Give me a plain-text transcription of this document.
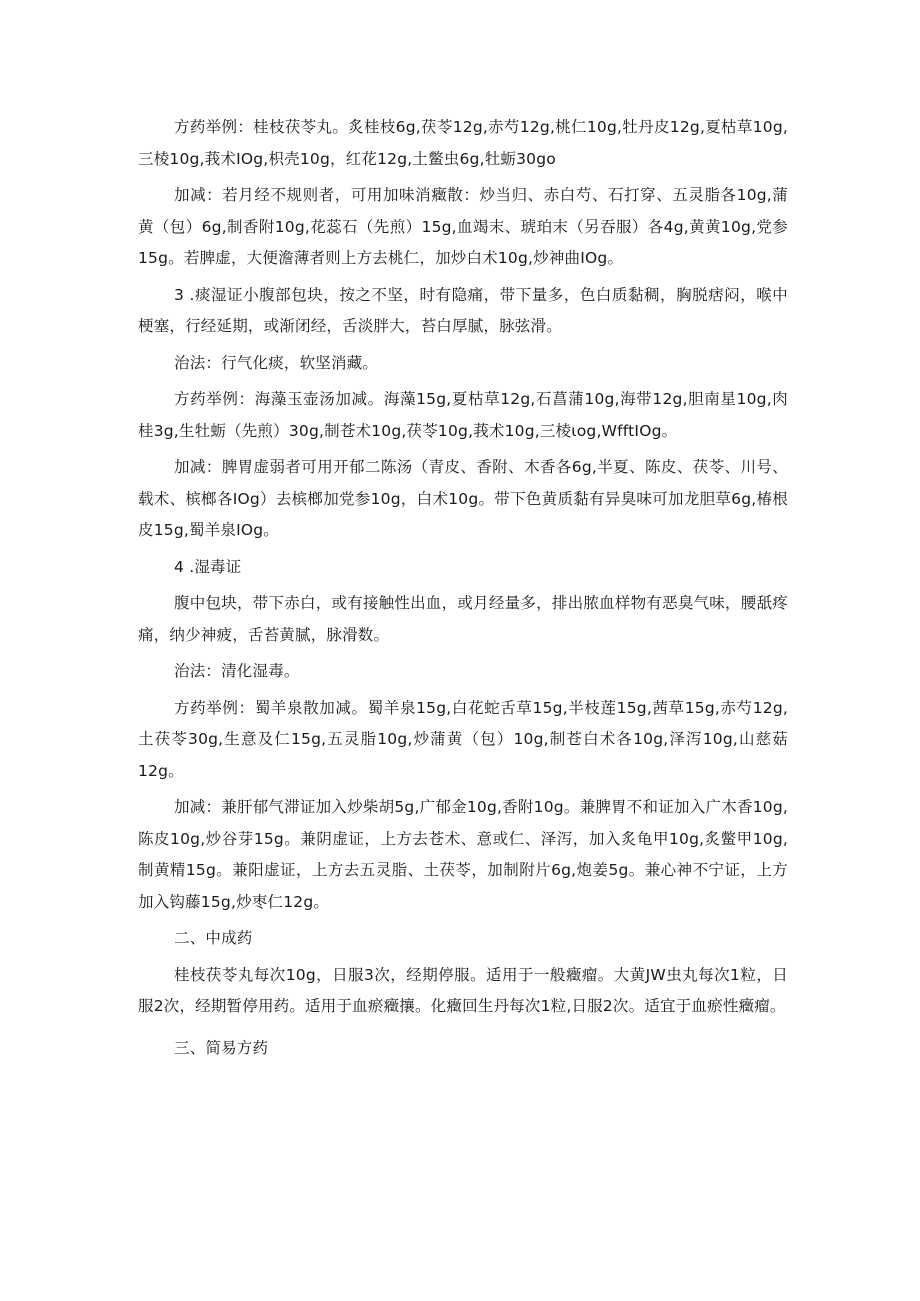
方药举例：桂枝茯苓丸。炙桂枝6g,茯苓12g,赤芍12g,桃仁10g,牡丹皮12g,夏枯草10g,三棱10g,莪术IOg,枳壳10g，红花12g,土鳖虫6g,牡蛎30go

加减：若月经不规则者，可用加味消癥散：炒当归、赤白芍、石打穿、五灵脂各10g,蒲黄（包）6g,制香附10g,花蕊石（先煎）15g,血竭末、琥珀末（另吞服）各4g,黄黄10g,党参15g。若脾虚，大便澹薄者则上方去桃仁，加炒白术10g,炒神曲IOg。

3 .痰湿证小腹部包块，按之不坚，时有隐痛，带下量多，色白质黏稠，胸脱痞闷，喉中梗塞，行经延期，或渐闭经，舌淡胖大，苔白厚腻，脉弦滑。

治法：行气化痰，软坚消藏。

方药举例：海藻玉壶汤加减。海藻15g,夏枯草12g,石菖蒲10g,海带12g,胆南星10g,肉桂3g,生牡蛎（先煎）30g,制苍术10g,茯苓10g,莪术10g,三棱ιog,WfftIOg。

加减：脾胃虚弱者可用开郁二陈汤（青皮、香附、木香各6g,半夏、陈皮、茯苓、川号、载术、槟榔各IOg）去槟榔加党参10g，白术10g。带下色黄质黏有异臭味可加龙胆草6g,椿根皮15g,蜀羊泉IOg。

4 .湿毒证

腹中包块，带下赤白，或有接触性出血，或月经量多，排出脓血样物有恶臭气味，腰舐疼痛，纳少神疲，舌苔黄腻，脉滑数。

治法：清化湿毒。

方药举例：蜀羊泉散加减。蜀羊泉15g,白花蛇舌草15g,半枝莲15g,茜草15g,赤芍12g,土茯苓30g,生意及仁15g,五灵脂10g,炒蒲黄（包）10g,制苍白术各10g,泽泻10g,山慈菇12g。

加减：兼肝郁气滞证加入炒柴胡5g,广郁金10g,香附10g。兼脾胃不和证加入广木香10g,陈皮10g,炒谷芽15g。兼阴虚证，上方去苍术、意或仁、泽泻，加入炙龟甲10g,炙鳖甲10g,制黄精15g。兼阳虚证，上方去五灵脂、土茯苓，加制附片6g,炮姜5g。兼心神不宁证，上方加入钩藤15g,炒枣仁12g。

二、中成药

桂枝茯苓丸每次10g，日服3次，经期停服。适用于一般癥瘤。大黄JW虫丸每次1粒，日服2次，经期暂停用药。适用于血瘀癥攘。化癥回生丹每次1粒,日服2次。适宜于血瘀性癥瘤。

三、简易方药
